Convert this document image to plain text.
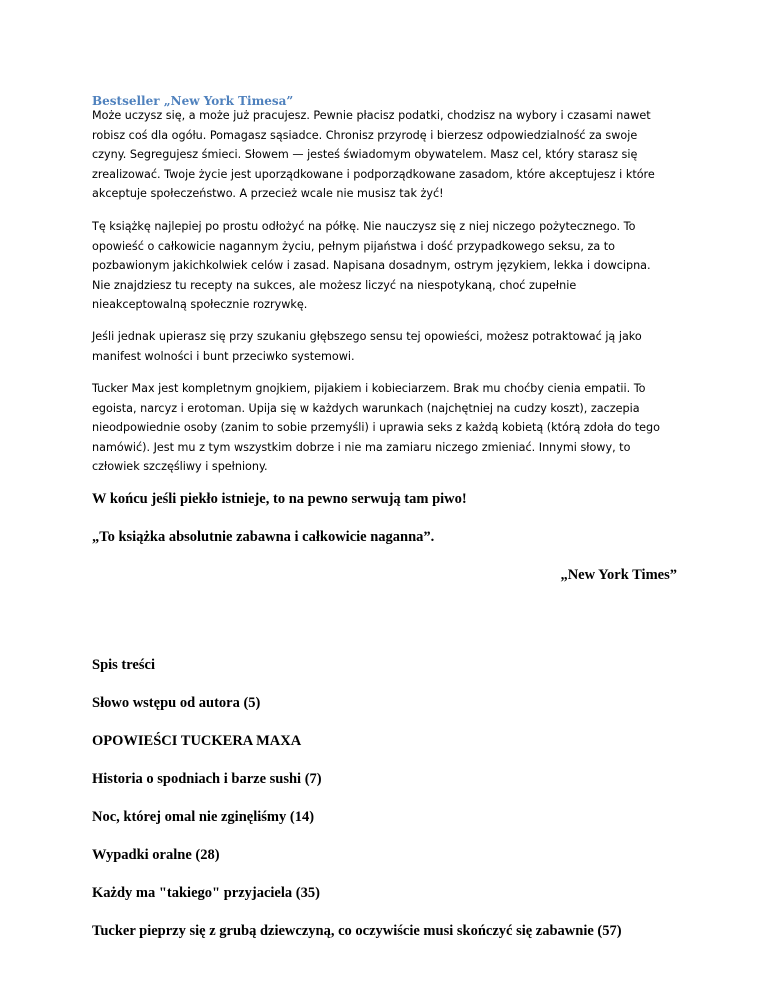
Bestseller „New York Timesa”

Może uczysz się, a może już pracujesz. Pewnie płacisz podatki, chodzisz na wybory i czasami nawet
robisz coś dla ogółu. Pomagasz sąsiadce. Chronisz przyrodę i bierzesz odpowiedzialność za swoje
czyny. Segregujesz śmieci. Słowem — jesteś świadomym obywatelem. Masz cel, który starasz się
zrealizować. Twoje życie jest uporządkowane i podporządkowane zasadom, które akceptujesz i które
akceptuje społeczeństwo. A przecież wcale nie musisz tak żyć!

Tę książkę najlepiej po prostu odłożyć na półkę. Nie nauczysz się z niej niczego pożytecznego. To
opowieść o całkowicie nagannym życiu, pełnym pijaństwa i dość przypadkowego seksu, za to
pozbawionym jakichkolwiek celów i zasad. Napisana dosadnym, ostrym językiem, lekka i dowcipna.
Nie znajdziesz tu recepty na sukces, ale możesz liczyć na niespotykaną, choć zupełnie
nieakceptowalną społecznie rozrywkę.

Jeśli jednak upierasz się przy szukaniu głębszego sensu tej opowieści, możesz potraktować ją jako
manifest wolności i bunt przeciwko systemowi.

Tucker Max jest kompletnym gnojkiem, pijakiem i kobieciarzem. Brak mu choćby cienia empatii. To
egoista, narcyz i erotoman. Upija się w każdych warunkach (najchętniej na cudzy koszt), zaczepia
nieodpowiednie osoby (zanim to sobie przemyśli) i uprawia seks z każdą kobietą (którą zdoła do tego
namówić). Jest mu z tym wszystkim dobrze i nie ma zamiaru niczego zmieniać. Innymi słowy, to
człowiek szczęśliwy i spełniony.

W końcu jeśli piekło istnieje, to na pewno serwują tam piwo!

„To książka absolutnie zabawna i całkowicie naganna”.

„New York Times”

Spis treści

Słowo wstępu od autora (5)

OPOWIEŚCI TUCKERA MAXA

Historia o spodniach i barze sushi (7)

Noc, której omal nie zginęliśmy (14)

Wypadki oralne (28)

Każdy ma "takiego" przyjaciela (35)

Tucker pieprzy się z grubą dziewczyną, co oczywiście musi skończyć się zabawnie (57)
